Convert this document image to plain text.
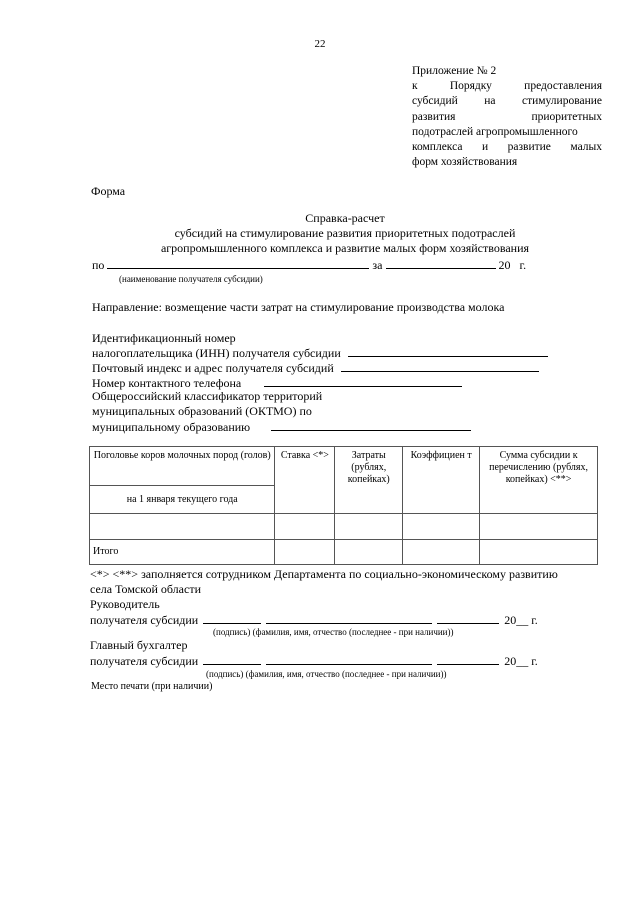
22
Приложение № 2
к Порядку предоставления
субсидий на стимулирование
развития приоритетных
подотраслей агропромышленного
комплекса и развитие малых
форм хозяйствования
Форма
Справка-расчет
субсидий на стимулирование развития приоритетных подотраслей
агропромышленного комплекса и развитие малых форм хозяйствования
по	за	20 г.
(наименование получателя субсидии)
Направление: возмещение части затрат на стимулирование производства молока
Идентификационный номер
налогоплательщика (ИНН) получателя субсидии
Почтовый индекс и адрес получателя субсидий
Номер контактного телефона
Общероссийский классификатор территорий
муниципальных образований (ОКТМО) по
муниципальному образованию
Поголовье коров молочных пород (голов)	Ставка <*>	Затраты (рублях, копейках)	Коэффициен т	Сумма субсидии к перечислению (рублях, копейках) <**>
на 1 января текущего года				

Итого				
<*> <**> заполняется сотрудником Департамента по социально-экономическому развитию
села Томской области
Руководитель
получателя субсидии	20__ г.
(подпись) (фамилия, имя, отчество (последнее - при наличии))
Главный бухгалтер
получателя субсидии	20__ г.
(подпись) (фамилия, имя, отчество (последнее - при наличии))
Место печати (при наличии)
